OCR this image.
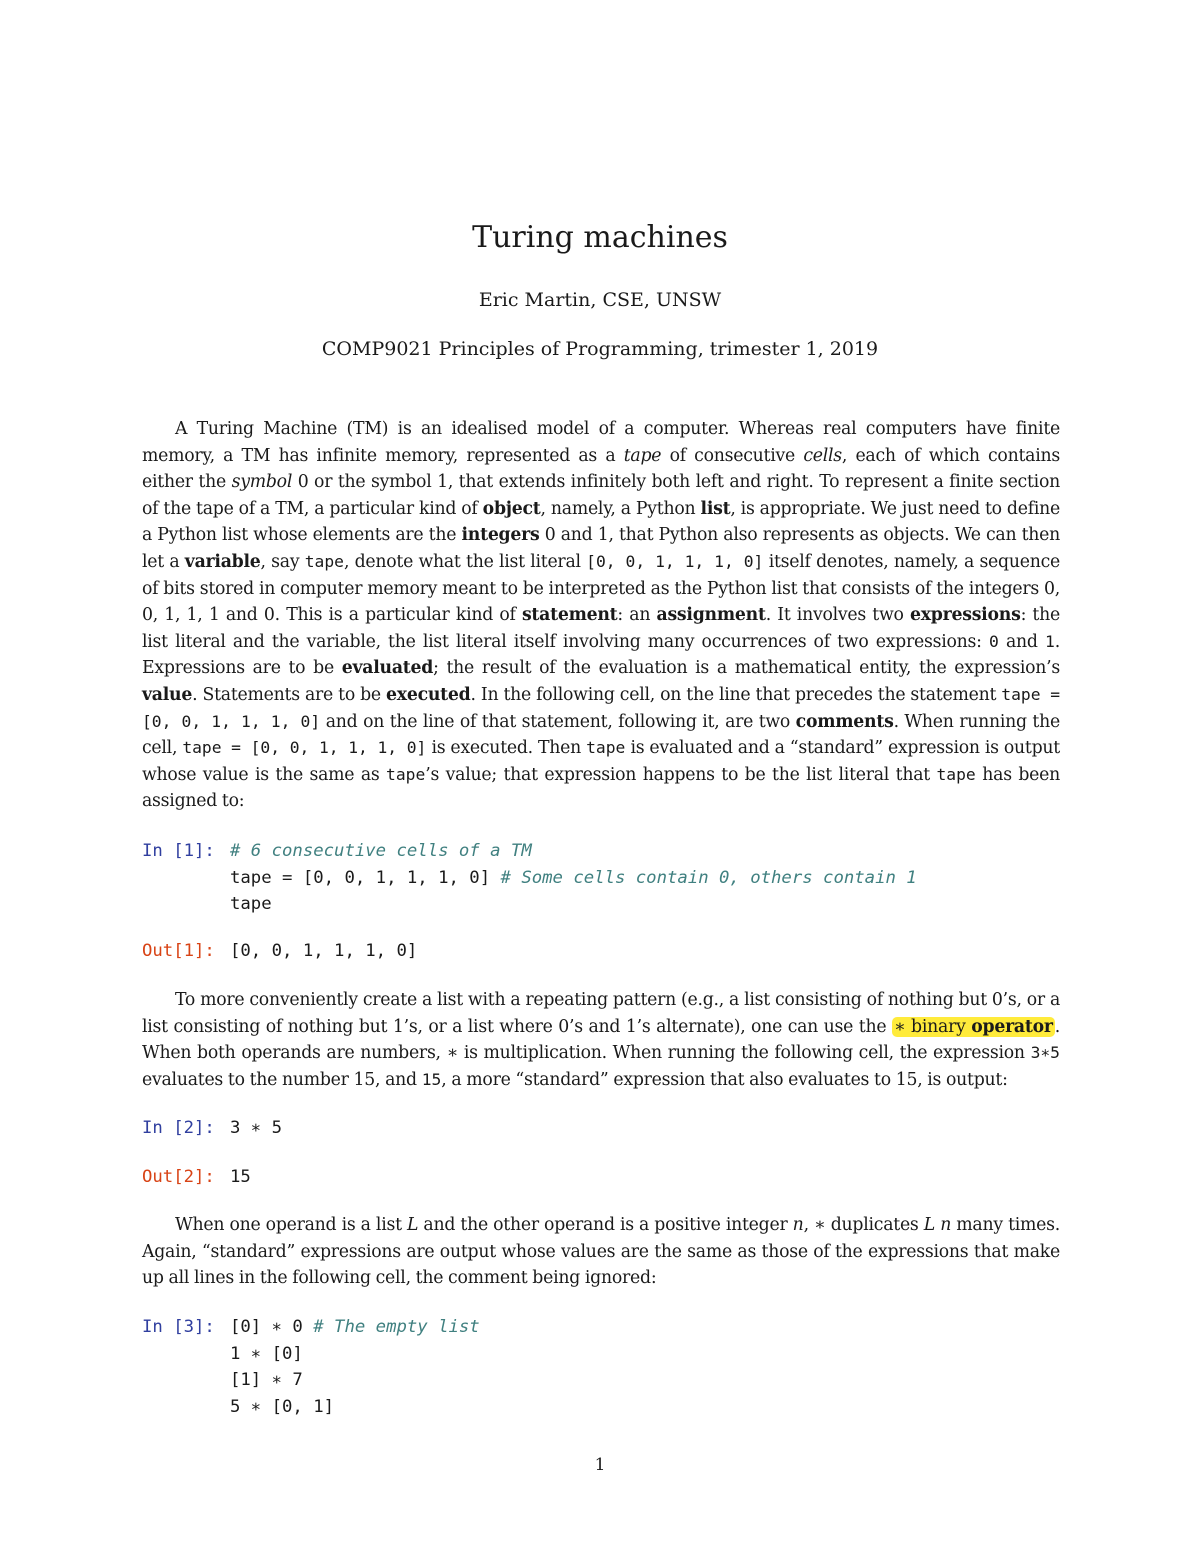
Turing machines
Eric Martin, CSE, UNSW
COMP9021 Principles of Programming, trimester 1, 2019

A Turing Machine (TM) is an idealised model of a computer. Whereas real computers have finite memory, a TM has infinite memory, represented as a tape of consecutive cells, each of which contains either the symbol 0 or the symbol 1, that extends infinitely both left and right. To represent a finite section of the tape of a TM, a particular kind of object, namely, a Python list, is appropriate. We just need to define a Python list whose elements are the integers 0 and 1, that Python also represents as objects. We can then let a variable, say tape, denote what the list literal [0, 0, 1, 1, 1, 0] itself denotes, namely, a sequence of bits stored in computer memory meant to be interpreted as the Python list that consists of the integers 0, 0, 1, 1, 1 and 0. This is a particular kind of statement: an assignment. It involves two expressions: the list literal and the variable, the list literal itself involving many occurrences of two expressions: 0 and 1. Expressions are to be evaluated; the result of the evaluation is a mathematical entity, the expression’s value. Statements are to be executed. In the following cell, on the line that precedes the statement tape = [0, 0, 1, 1, 1, 0] and on the line of that statement, following it, are two comments. When running the cell, tape = [0, 0, 1, 1, 1, 0] is executed. Then tape is evaluated and a “standard” expression is output whose value is the same as tape’s value; that expression happens to be the list literal that tape has been assigned to:

In [1]:

# 6 consecutive cells of a TM
tape = [0, 0, 1, 1, 1, 0] # Some cells contain 0, others contain 1
tape

Out[1]:

[0, 0, 1, 1, 1, 0]

To more conveniently create a list with a repeating pattern (e.g., a list consisting of nothing but 0’s, or a list consisting of nothing but 1’s, or a list where 0’s and 1’s alternate), one can use the ∗ binary operator . When both operands are numbers, ∗ is multiplication. When running the following cell, the expression 3∗5 evaluates to the number 15, and 15, a more “standard” expression that also evaluates to 15, is output:

In [2]:

3 ∗ 5

Out[2]:

15

When one operand is a list L and the other operand is a positive integer n, ∗ duplicates L n many times. Again, “standard” expressions are output whose values are the same as those of the expressions that make up all lines in the following cell, the comment being ignored:

In [3]:

[0] ∗ 0 # The empty list
1 ∗ [0]
[1] ∗ 7
5 ∗ [0, 1]

1
